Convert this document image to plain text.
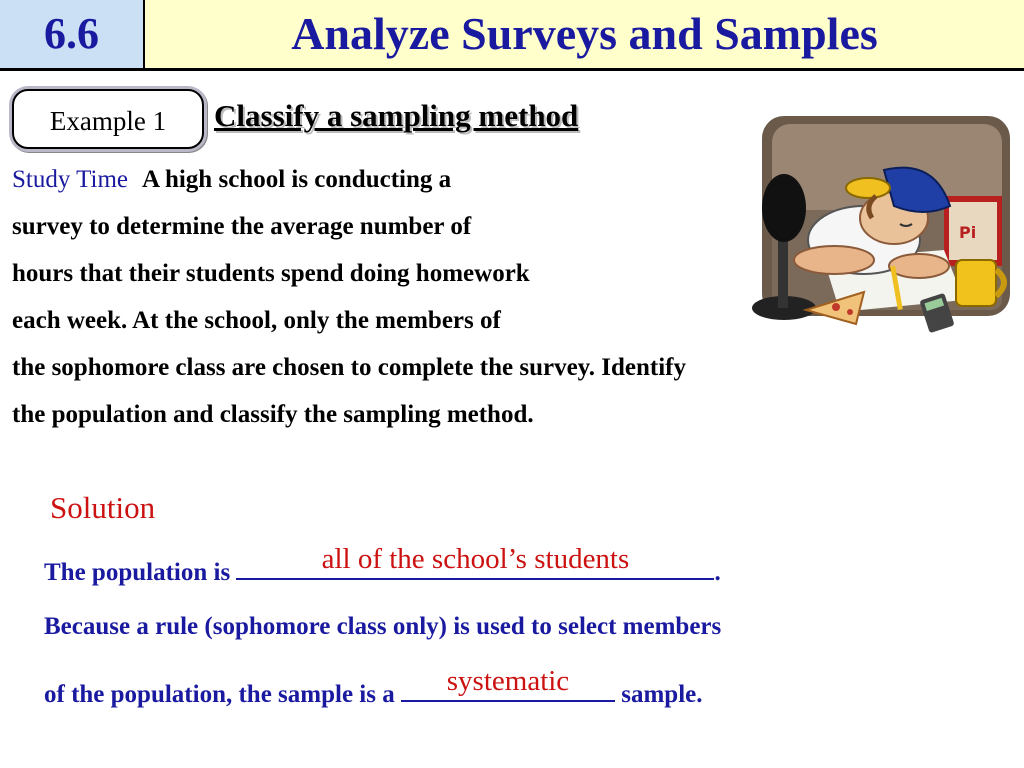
6.6	Analyze Surveys and Samples
Example 1	Classify a sampling method
Study Time A high school is conducting a
survey to determine the average number of
hours that their students spend doing homework
each week. At the school, only the members of
the sophomore class are chosen to complete the survey. Identify
the population and classify the sampling method.
Pi
Solution
The population is	all of the school’s students	.
Because a rule (sophomore class only) is used to select members
of the population, the sample is a	systematic	sample.
